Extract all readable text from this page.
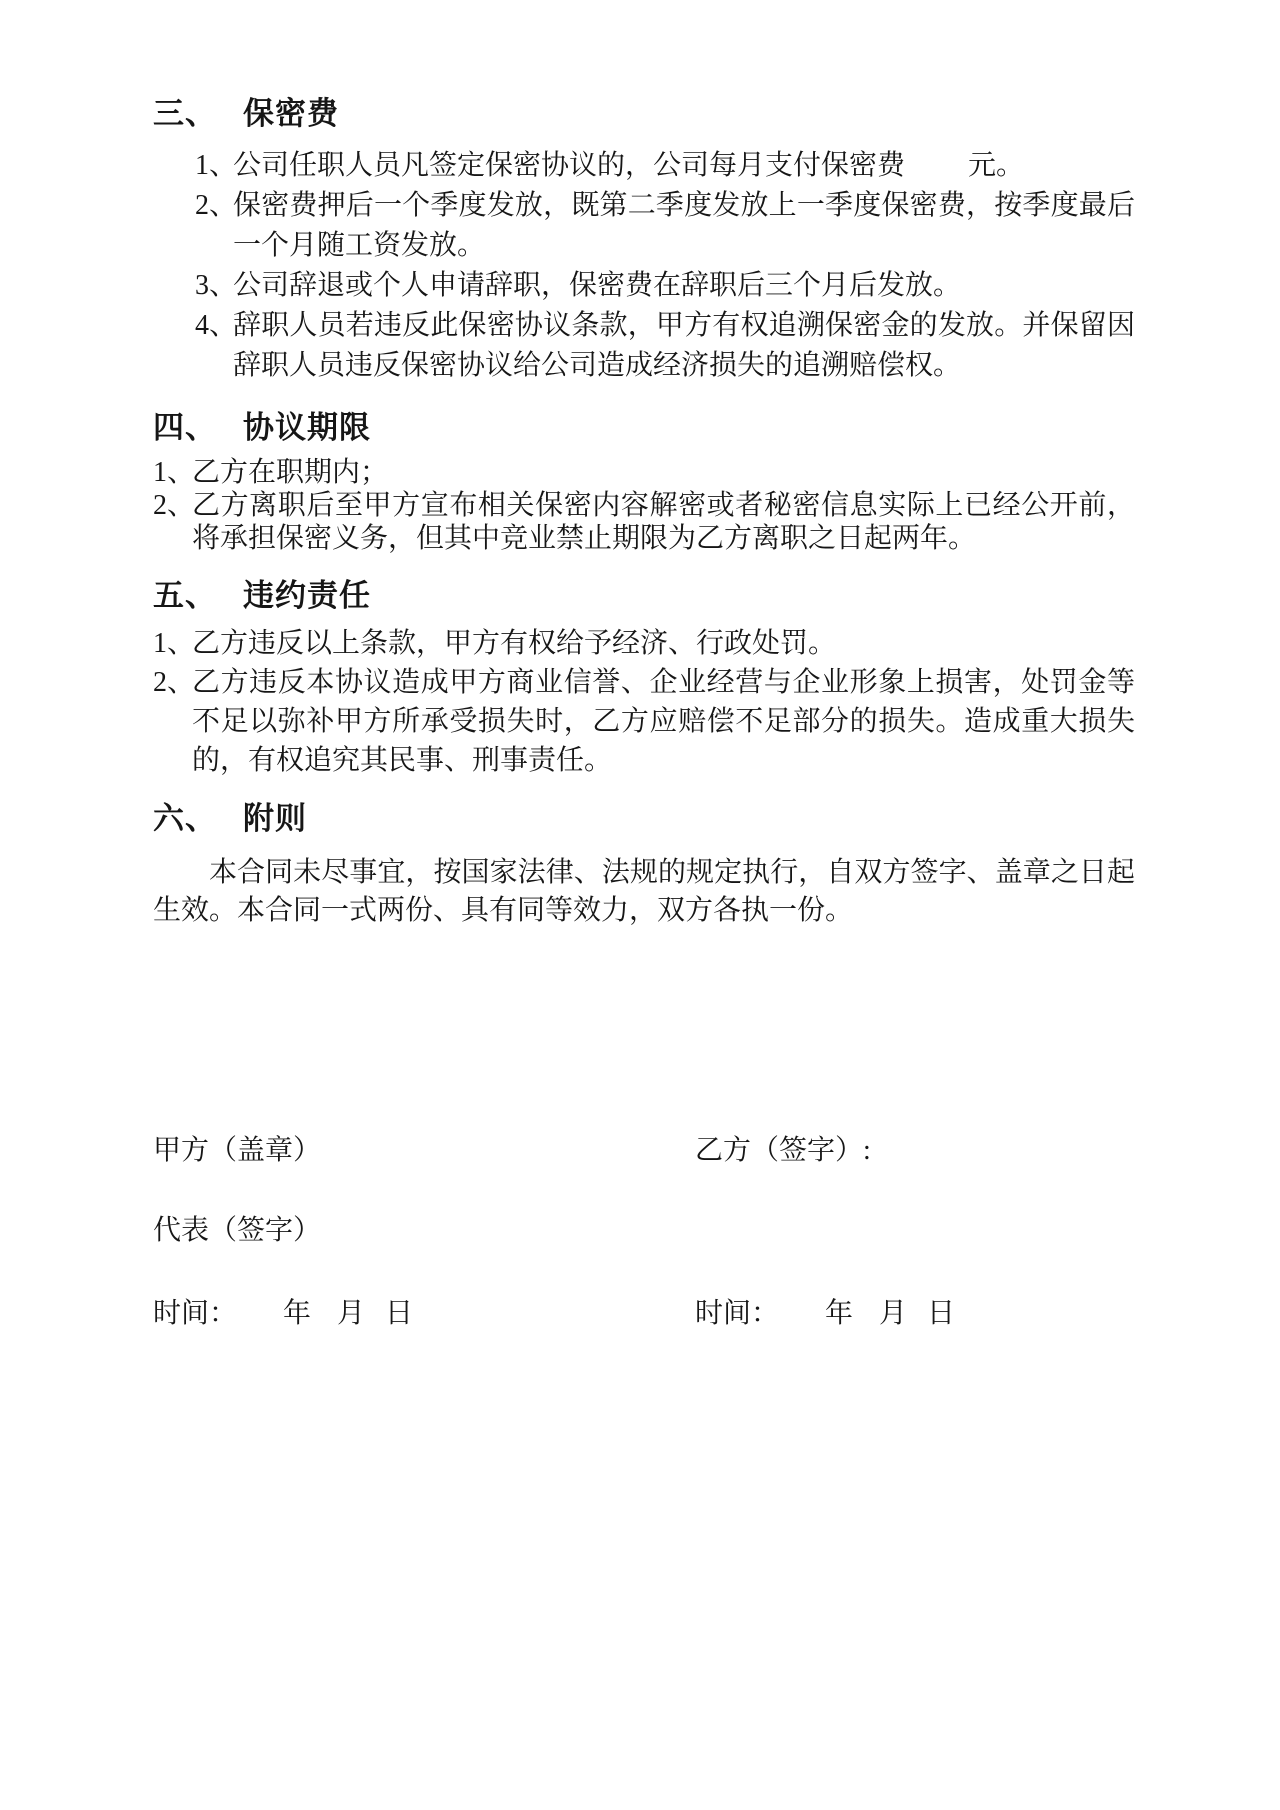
三、 保密费
1、
公司任职人员凡签定保密协议的，公司每月支付保密费　　 元。
2、
保密费押后一个季度发放，既第二季度发放上一季度保密费，按季度最后一个月随工资发放。
3、
公司辞退或个人申请辞职，保密费在辞职后三个月后发放。
4、
辞职人员若违反此保密协议条款，甲方有权追溯保密金的发放。并保留因辞职人员违反保密协议给公司造成经济损失的追溯赔偿权。
四、 协议期限
1、
乙方在职期内；
2、
乙方离职后至甲方宣布相关保密内容解密或者秘密信息实际上已经公开前，将承担保密义务，但其中竞业禁止期限为乙方离职之日起两年。
五、 违约责任
1、
乙方违反以上条款，甲方有权给予经济、行政处罚。
2、
乙方违反本协议造成甲方商业信誉、企业经营与企业形象上损害，处罚金等不足以弥补甲方所承受损失时，乙方应赔偿不足部分的损失。造成重大损失的，有权追究其民事、刑事责任。
六、 附则

本合同未尽事宜，按国家法律、法规的规定执行，自双方签字、盖章之日起生效。本合同一式两份、具有同等效力，双方各执一份。

甲方（盖章）	乙方（签字）:
代表（签字）
时间： 年 月 日	时间： 年 月 日
